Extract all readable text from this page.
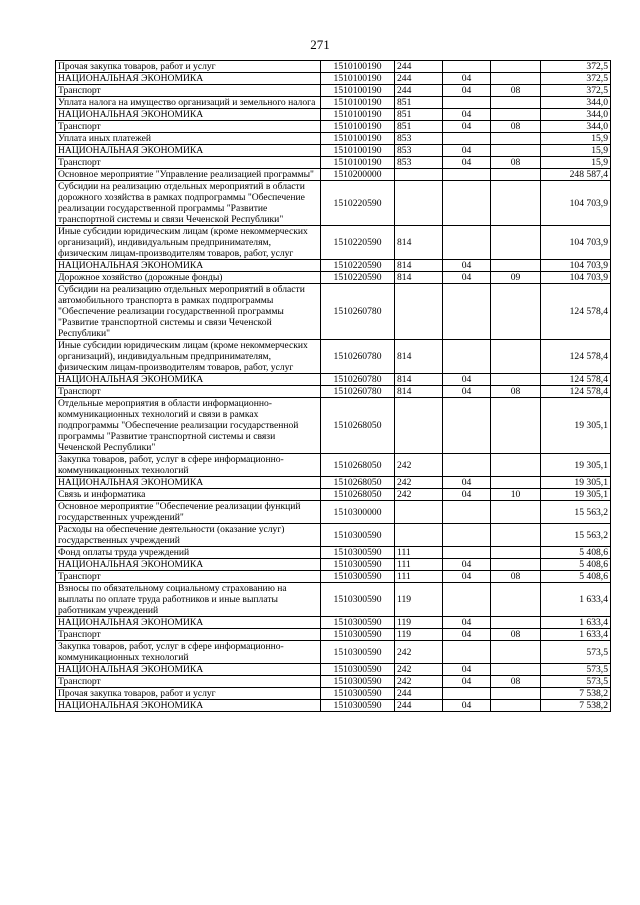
271
Прочая закупка товаров, работ и услуг	1510100190	244			372,5
НАЦИОНАЛЬНАЯ ЭКОНОМИКА	1510100190	244	04		372,5
Транспорт	1510100190	244	04	08	372,5
Уплата налога на имущество организаций и земельного налога	1510100190	851			344,0
НАЦИОНАЛЬНАЯ ЭКОНОМИКА	1510100190	851	04		344,0
Транспорт	1510100190	851	04	08	344,0
Уплата иных платежей	1510100190	853			15,9
НАЦИОНАЛЬНАЯ ЭКОНОМИКА	1510100190	853	04		15,9
Транспорт	1510100190	853	04	08	15,9
Основное мероприятие "Управление реализацией программы"	1510200000				248 587,4
Субсидии на реализацию отдельных мероприятий в области дорожного хозяйства в рамках подпрограммы "Обеспечение реализации государственной программы "Развитие транспортной системы и связи Чеченской Республики"	1510220590				104 703,9
Иные субсидии юридическим лицам (кроме некоммерческих организаций), индивидуальным предпринимателям, физическим лицам-производителям товаров, работ, услуг	1510220590	814			104 703,9
НАЦИОНАЛЬНАЯ ЭКОНОМИКА	1510220590	814	04		104 703,9
Дорожное хозяйство (дорожные фонды)	1510220590	814	04	09	104 703,9
Субсидии на реализацию отдельных мероприятий в области автомобильного транспорта в рамках подпрограммы "Обеспечение реализации государственной программы "Развитие транспортной системы и связи Чеченской Республики"	1510260780				124 578,4
Иные субсидии юридическим лицам (кроме некоммерческих организаций), индивидуальным предпринимателям, физическим лицам-производителям товаров, работ, услуг	1510260780	814			124 578,4
НАЦИОНАЛЬНАЯ ЭКОНОМИКА	1510260780	814	04		124 578,4
Транспорт	1510260780	814	04	08	124 578,4
Отдельные мероприятия в области информационно-коммуникационных технологий и связи в рамках подпрограммы "Обеспечение реализации государственной программы "Развитие транспортной системы и связи Чеченской Республики"	1510268050				19 305,1
Закупка товаров, работ, услуг в сфере информационно-коммуникационных технологий	1510268050	242			19 305,1
НАЦИОНАЛЬНАЯ ЭКОНОМИКА	1510268050	242	04		19 305,1
Связь и информатика	1510268050	242	04	10	19 305,1
Основное мероприятие "Обеспечение реализации функций государственных учреждений"	1510300000				15 563,2
Расходы на обеспечение деятельности (оказание услуг) государственных учреждений	1510300590				15 563,2
Фонд оплаты труда учреждений	1510300590	111			5 408,6
НАЦИОНАЛЬНАЯ ЭКОНОМИКА	1510300590	111	04		5 408,6
Транспорт	1510300590	111	04	08	5 408,6
Взносы по обязательному социальному страхованию на выплаты по оплате труда работников и иные выплаты работникам учреждений	1510300590	119			1 633,4
НАЦИОНАЛЬНАЯ ЭКОНОМИКА	1510300590	119	04		1 633,4
Транспорт	1510300590	119	04	08	1 633,4
Закупка товаров, работ, услуг в сфере информационно-коммуникационных технологий	1510300590	242			573,5
НАЦИОНАЛЬНАЯ ЭКОНОМИКА	1510300590	242	04		573,5
Транспорт	1510300590	242	04	08	573,5
Прочая закупка товаров, работ и услуг	1510300590	244			7 538,2
НАЦИОНАЛЬНАЯ ЭКОНОМИКА	1510300590	244	04		7 538,2
